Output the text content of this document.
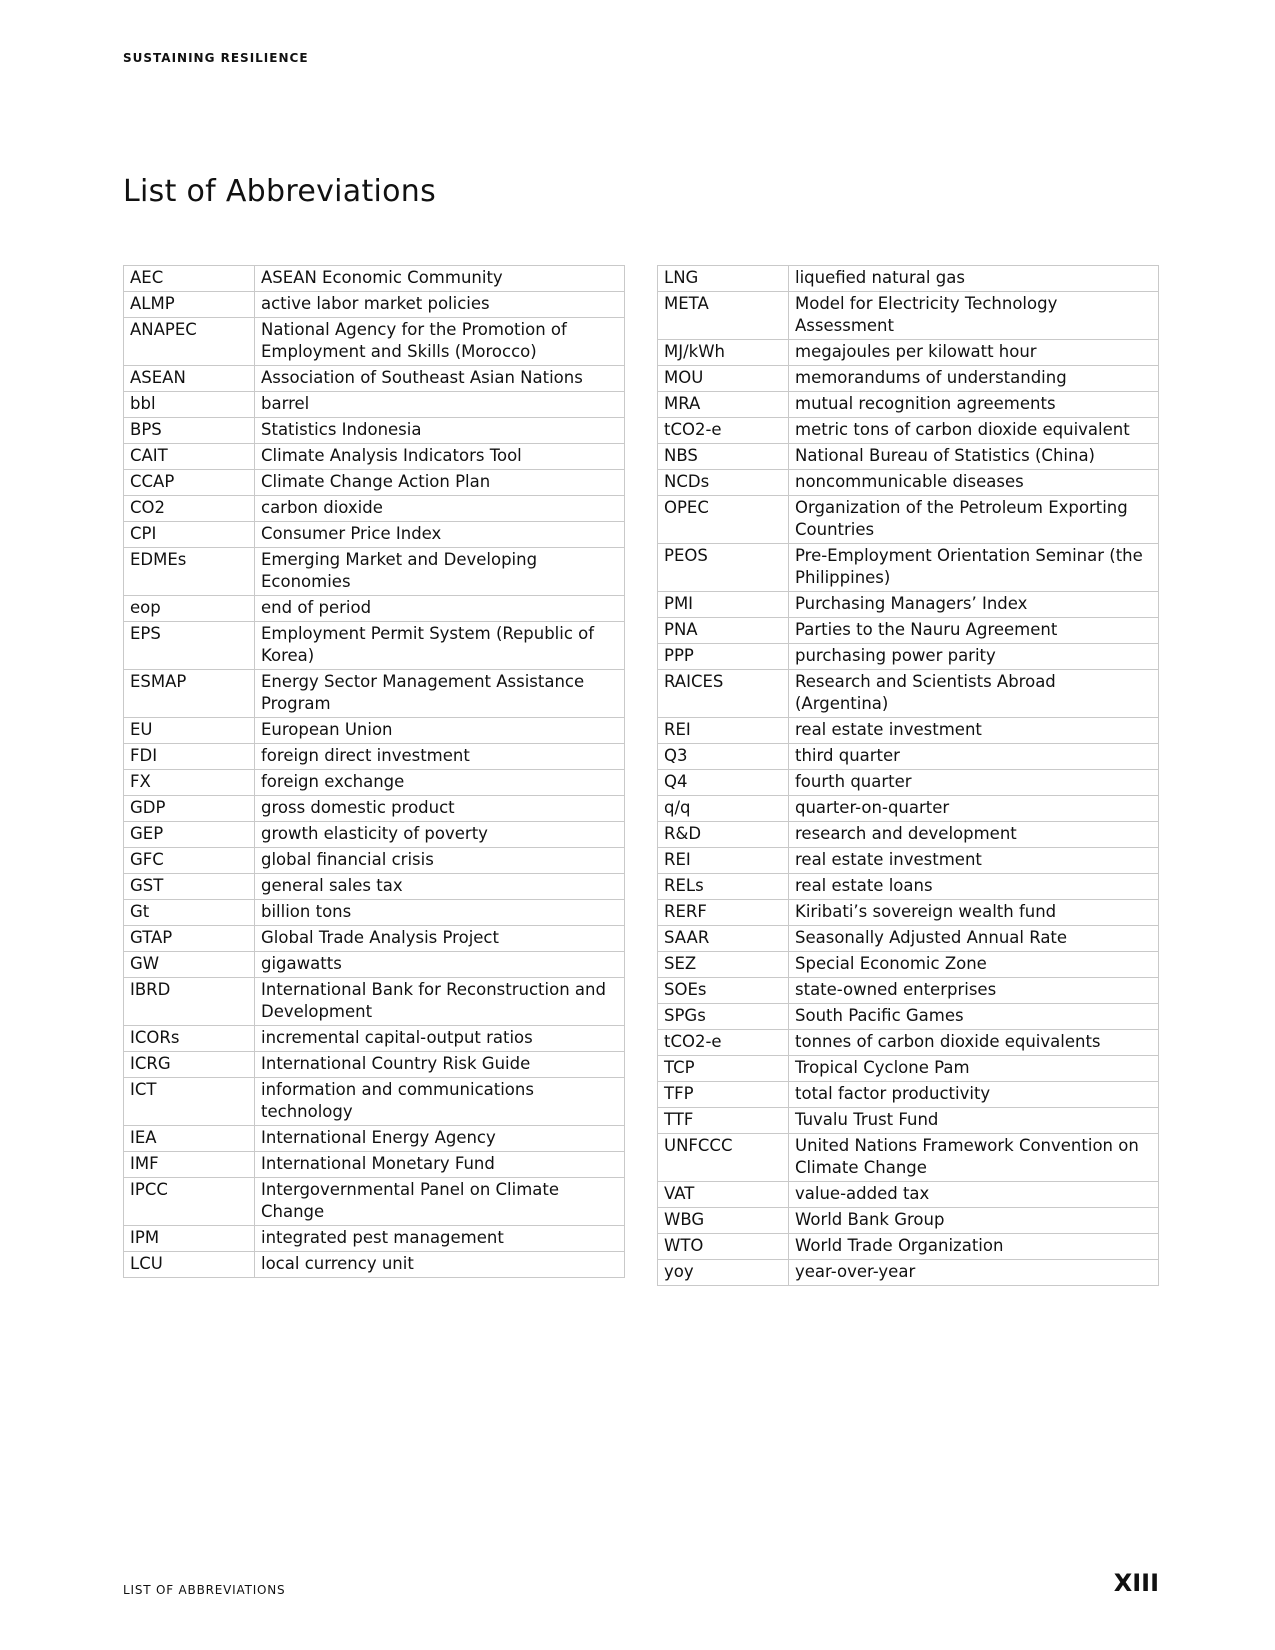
SUSTAINING RESILIENCE
List of Abbreviations
AEC	ASEAN Economic Community
ALMP	active labor market policies
ANAPEC	National Agency for the Promotion of Employment and Skills (Morocco)
ASEAN	Association of Southeast Asian Nations
bbl	barrel
BPS	Statistics Indonesia
CAIT	Climate Analysis Indicators Tool
CCAP	Climate Change Action Plan
CO2	carbon dioxide
CPI	Consumer Price Index
EDMEs	Emerging Market and Developing Economies
eop	end of period
EPS	Employment Permit System (Republic of Korea)
ESMAP	Energy Sector Management Assistance Program
EU	European Union
FDI	foreign direct investment
FX	foreign exchange
GDP	gross domestic product
GEP	growth elasticity of poverty
GFC	global financial crisis
GST	general sales tax
Gt	billion tons
GTAP	Global Trade Analysis Project
GW	gigawatts
IBRD	International Bank for Reconstruction and Development
ICORs	incremental capital-output ratios
ICRG	International Country Risk Guide
ICT	information and communications technology
IEA	International Energy Agency
IMF	International Monetary Fund
IPCC	Intergovernmental Panel on Climate Change
IPM	integrated pest management
LCU	local currency unit
LNG	liquefied natural gas
META	Model for Electricity Technology Assessment
MJ/kWh	megajoules per kilowatt hour
MOU	memorandums of understanding
MRA	mutual recognition agreements
tCO2-e	metric tons of carbon dioxide equivalent
NBS	National Bureau of Statistics (China)
NCDs	noncommunicable diseases
OPEC	Organization of the Petroleum Exporting Countries
PEOS	Pre-Employment Orientation Seminar (the Philippines)
PMI	Purchasing Managers’ Index
PNA	Parties to the Nauru Agreement
PPP	purchasing power parity
RAICES	Research and Scientists Abroad (Argentina)
REI	real estate investment
Q3	third quarter
Q4	fourth quarter
q/q	quarter-on-quarter
R&D	research and development
REI	real estate investment
RELs	real estate loans
RERF	Kiribati’s sovereign wealth fund
SAAR	Seasonally Adjusted Annual Rate
SEZ	Special Economic Zone
SOEs	state-owned enterprises
SPGs	South Pacific Games
tCO2-e	tonnes of carbon dioxide equivalents
TCP	Tropical Cyclone Pam
TFP	total factor productivity
TTF	Tuvalu Trust Fund
UNFCCC	United Nations Framework Convention on Climate Change
VAT	value-added tax
WBG	World Bank Group
WTO	World Trade Organization
yoy	year-over-year
LIST OF ABBREVIATIONS	XIII
